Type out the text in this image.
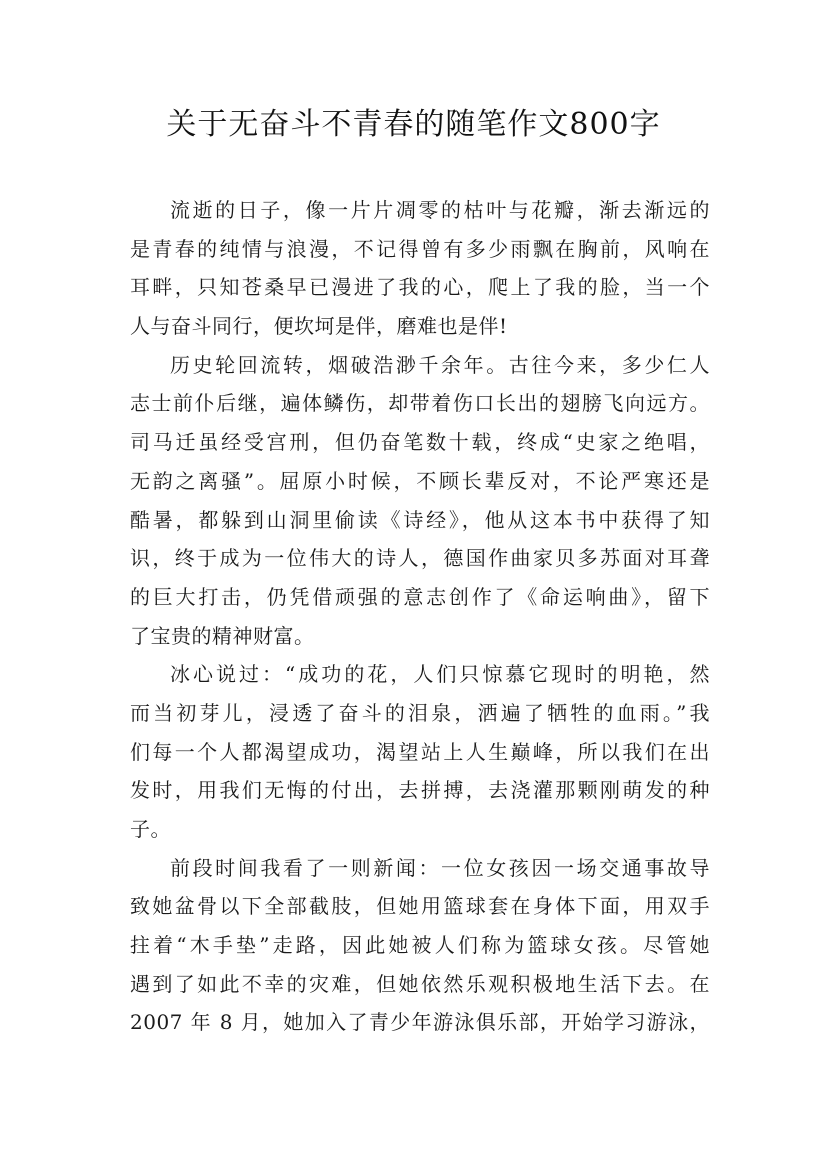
关于无奋斗不青春的随笔作文800字
流逝的日子，像一片片凋零的枯叶与花瓣，渐去渐远的
是青春的纯情与浪漫，不记得曾有多少雨飘在胸前，风响在
耳畔，只知苍桑早已漫进了我的心，爬上了我的脸，当一个
人与奋斗同行，便坎坷是伴，磨难也是伴!
历史轮回流转，烟破浩渺千余年。古往今来，多少仁人
志士前仆后继，遍体鳞伤，却带着伤口长出的翅膀飞向远方。
司马迁虽经受宫刑，但仍奋笔数十载，终成“史家之绝唱，
无韵之离骚”。屈原小时候，不顾长辈反对，不论严寒还是
酷暑，都躲到山洞里偷读《诗经》，他从这本书中获得了知
识，终于成为一位伟大的诗人，德国作曲家贝多苏面对耳聋
的巨大打击，仍凭借顽强的意志创作了《命运响曲》，留下
了宝贵的精神财富。
冰心说过：“成功的花，人们只惊慕它现时的明艳，然
而当初芽儿，浸透了奋斗的泪泉，洒遍了牺牲的血雨。”我
们每一个人都渴望成功，渴望站上人生巅峰，所以我们在出
发时，用我们无悔的付出，去拼搏，去浇灌那颗刚萌发的种
子。
前段时间我看了一则新闻：一位女孩因一场交通事故导
致她盆骨以下全部截肢，但她用篮球套在身体下面，用双手
拄着“木手垫”走路，因此她被人们称为篮球女孩。尽管她
遇到了如此不幸的灾难，但她依然乐观积极地生活下去。在
2007 年 8 月，她加入了青少年游泳俱乐部，开始学习游泳，
